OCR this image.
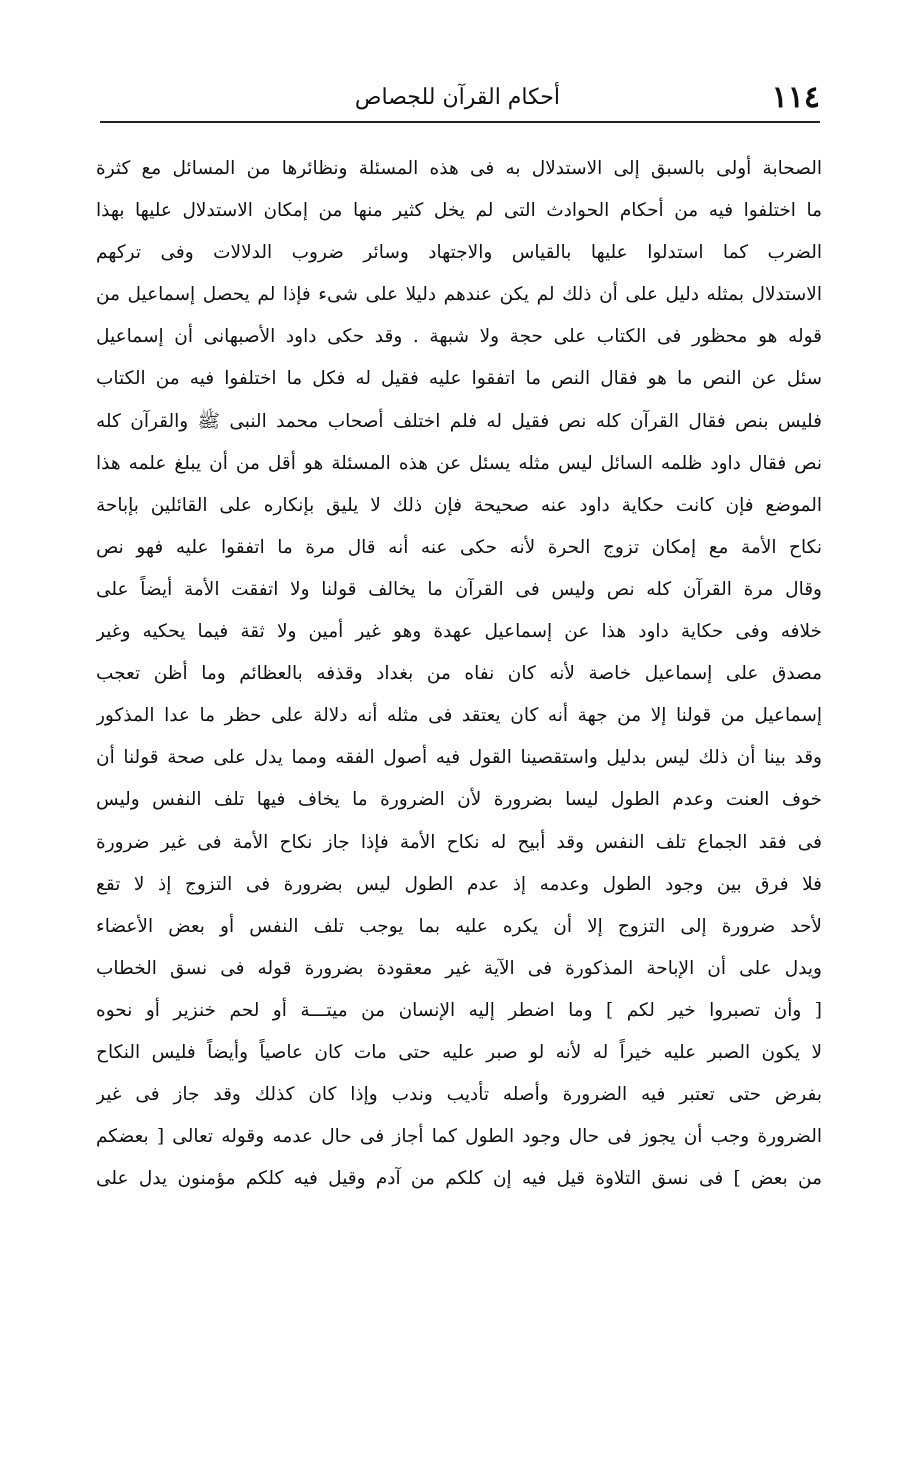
١١٤
أحكام القرآن للجصاص
الصحابة أولى بالسبق إلى الاستدلال به فى هذه المسئلة ونظائرها من المسائل مع كثرة
ما اختلفوا فيه من أحكام الحوادث التى لم يخل كثير منها من إمكان الاستدلال عليها بهذا
الضرب كما استدلوا عليها بالقياس والاجتهاد وسائر ضروب الدلالات وفى تركهم
الاستدلال بمثله دليل على أن ذلك لم يكن عندهم دليلا على شىء فإذا لم يحصل إسماعيل من
قوله هو محظور فى الكتاب على حجة ولا شبهة . وقد حكى داود الأصبهانى أن إسماعيل
سئل عن النص ما هو فقال النص ما اتفقوا عليه فقيل له فكل ما اختلفوا فيه من الكتاب
فليس بنص فقال القرآن كله نص فقيل له فلم اختلف أصحاب محمد النبى ﷺ والقرآن كله
نص فقال داود ظلمه السائل ليس مثله يسئل عن هذه المسئلة هو أقل من أن يبلغ علمه هذا
الموضع فإن كانت حكاية داود عنه صحيحة فإن ذلك لا يليق بإنكاره على القائلين بإباحة
نكاح الأمة مع إمكان تزوج الحرة لأنه حكى عنه أنه قال مرة ما اتفقوا عليه فهو نص
وقال مرة القرآن كله نص وليس فى القرآن ما يخالف قولنا ولا اتفقت الأمة أيضاً على
خلافه وفى حكاية داود هذا عن إسماعيل عهدة وهو غير أمين ولا ثقة فيما يحكيه وغير
مصدق على إسماعيل خاصة لأنه كان نفاه من بغداد وقذفه بالعظائم وما أظن تعجب
إسماعيل من قولنا إلا من جهة أنه كان يعتقد فى مثله أنه دلالة على حظر ما عدا المذكور
وقد بينا أن ذلك ليس بدليل واستقصينا القول فيه أصول الفقه ومما يدل على صحة قولنا أن
خوف العنت وعدم الطول ليسا بضرورة لأن الضرورة ما يخاف فيها تلف النفس وليس
فى فقد الجماع تلف النفس وقد أبيح له نكاح الأمة فإذا جاز نكاح الأمة فى غير ضرورة
فلا فرق بين وجود الطول وعدمه إذ عدم الطول ليس بضرورة فى التزوج إذ لا تقع
لأحد ضرورة إلى التزوج إلا أن يكره عليه بما يوجب تلف النفس أو بعض الأعضاء
ويدل على أن الإباحة المذكورة فى الآية غير معقودة بضرورة قوله فى نسق الخطاب
[ وأن تصبروا خير لكم ] وما اضطر إليه الإنسان من ميتـــة أو لحم خنزير أو نحوه
لا يكون الصبر عليه خيراً له لأنه لو صبر عليه حتى مات كان عاصياً وأيضاً فليس النكاح
بفرض حتى تعتبر فيه الضرورة وأصله تأديب وندب وإذا كان كذلك وقد جاز فى غير
الضرورة وجب أن يجوز فى حال وجود الطول كما أجاز فى حال عدمه وقوله تعالى [ بعضكم
من بعض ] فى نسق التلاوة قيل فيه إن كلكم من آدم وقيل فيه كلكم مؤمنون يدل على
